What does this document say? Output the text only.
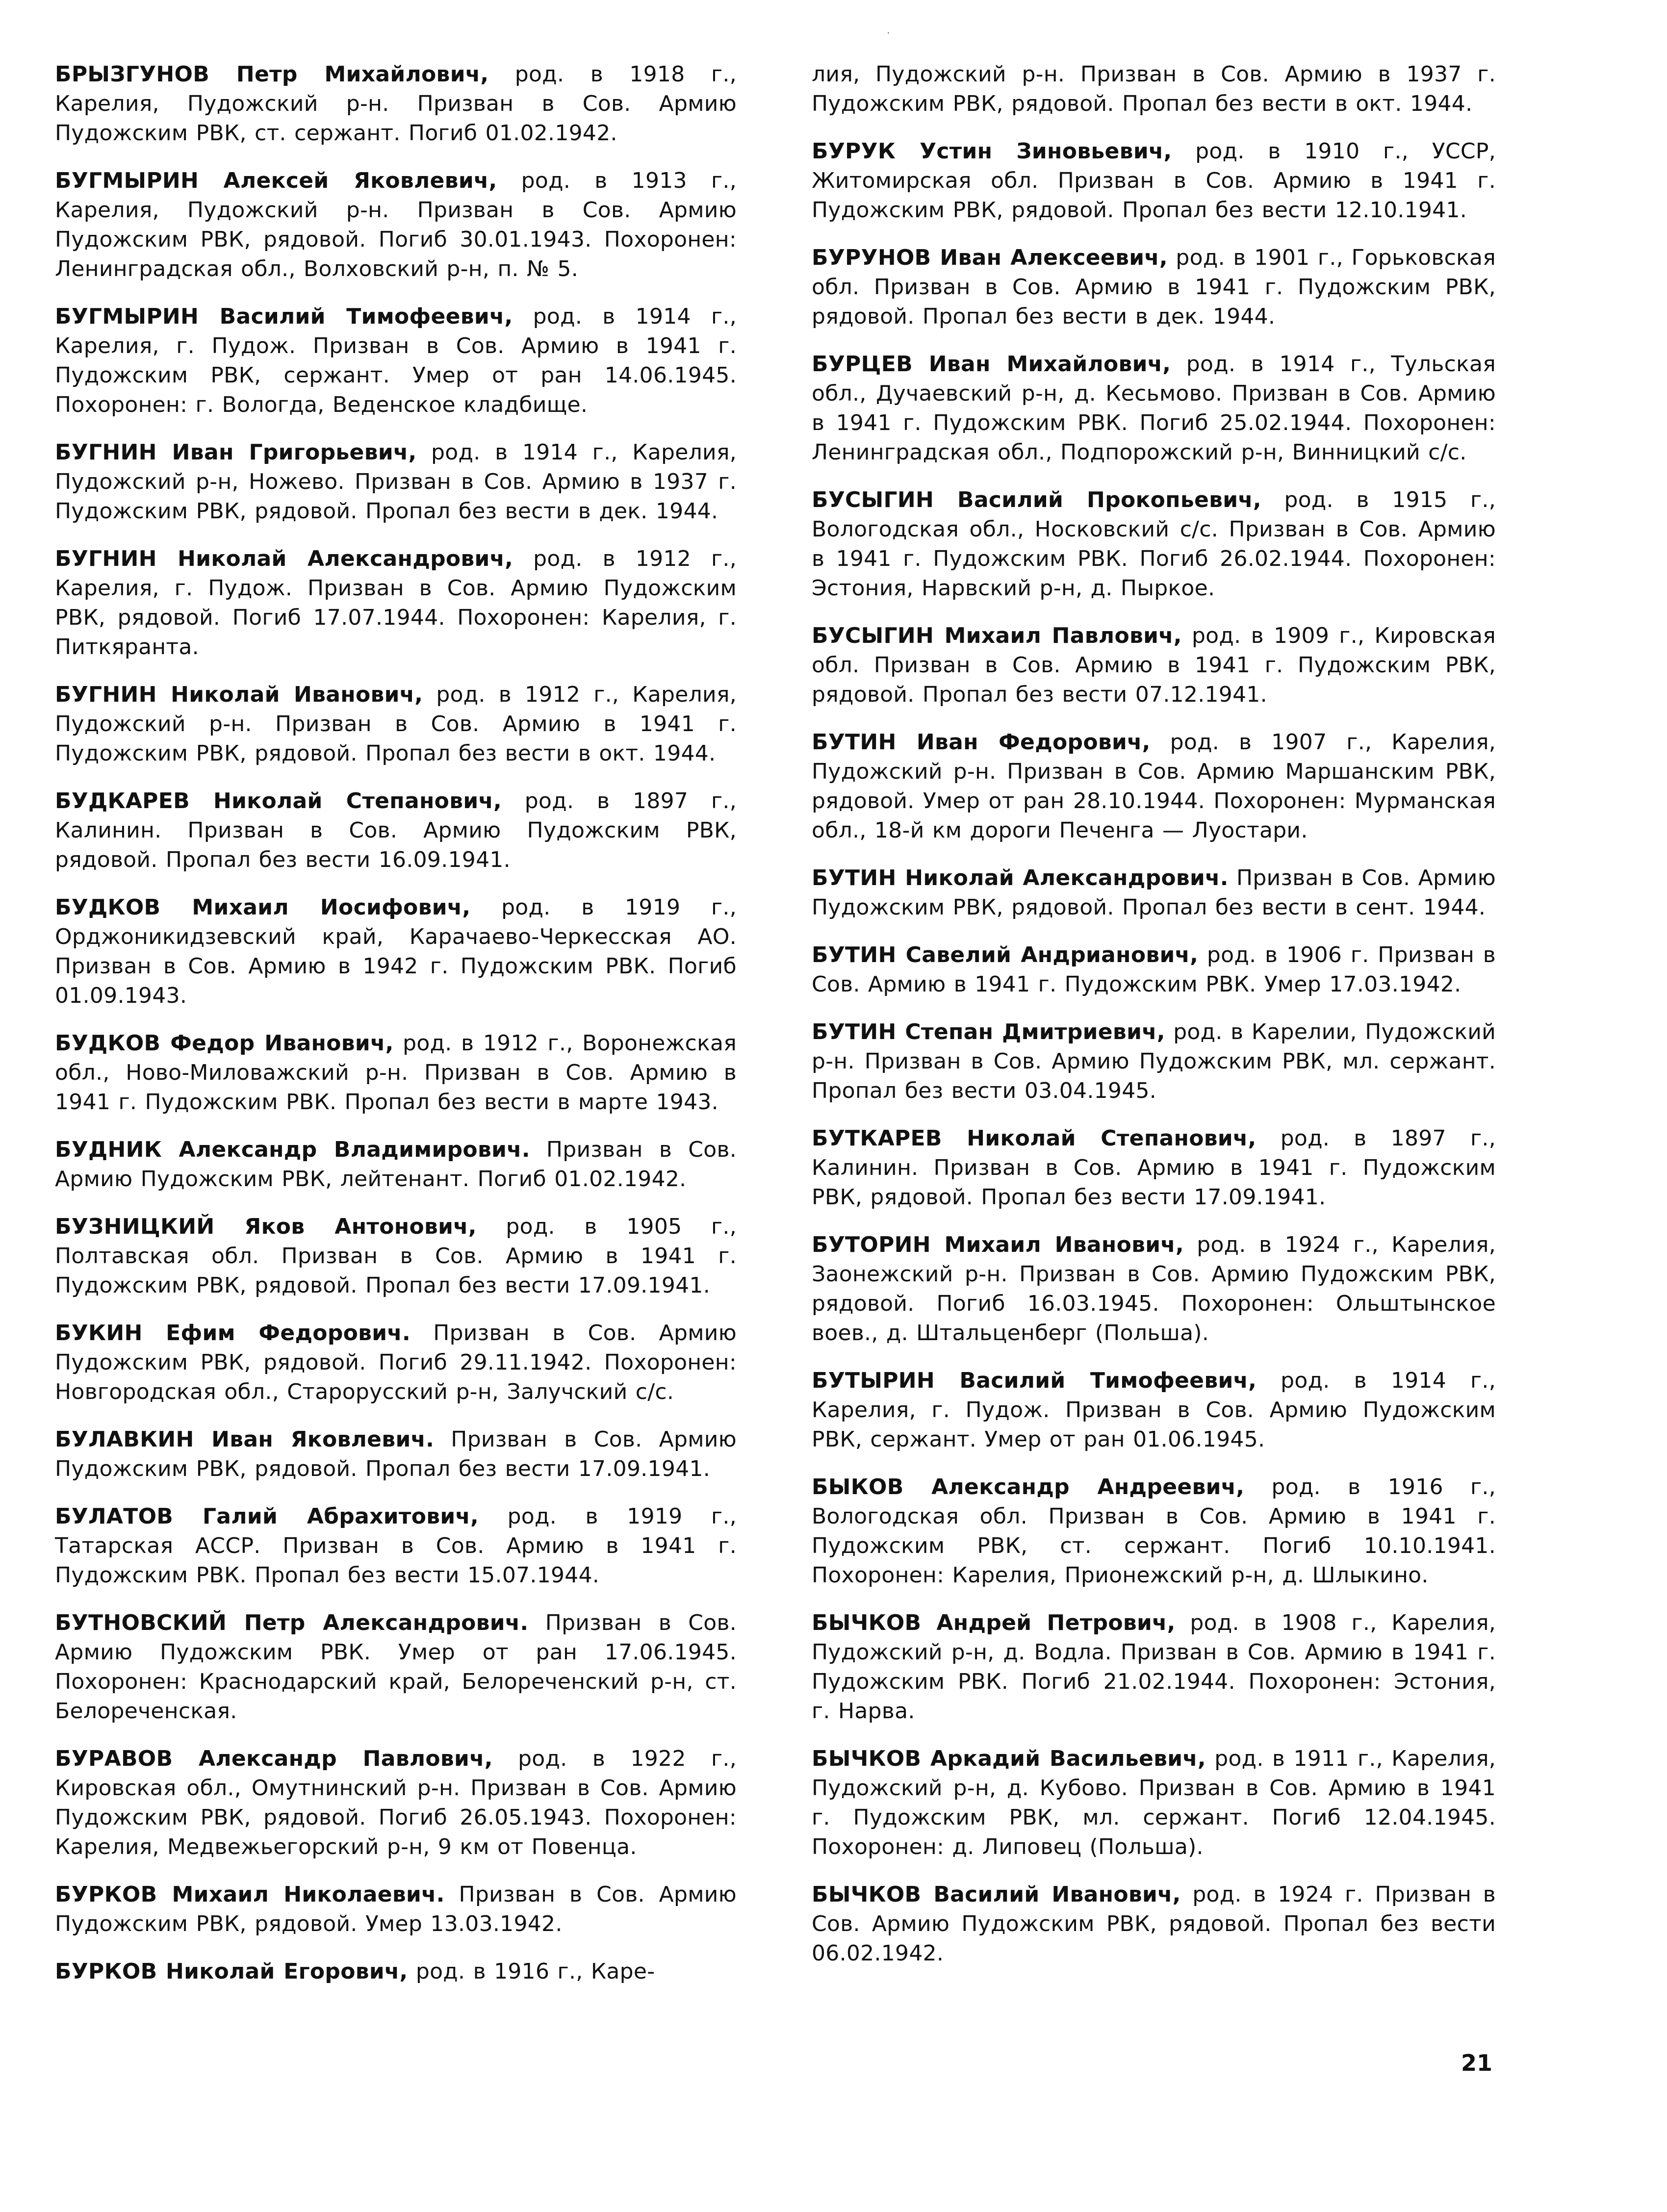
·

БРЫЗГУНОВ Петр Михайлович, род. в 1918 г., Карелия, Пудожский р-н. Призван в Сов. Армию Пудожским РВК, ст. сержант. Погиб 01.02.1942.

БУГМЫРИН Алексей Яковлевич, род. в 1913 г., Карелия, Пудожский р-н. Призван в Сов. Армию Пудожским РВК, рядовой. Погиб 30.01.1943. Похоронен: Ленинградская обл., Волховский р-н, п. № 5.

БУГМЫРИН Василий Тимофеевич, род. в 1914 г., Карелия, г. Пудож. Призван в Сов. Армию в 1941 г. Пудожским РВК, сержант. Умер от ран 14.06.1945. Похоронен: г. Вологда, Веденское кладбище.

БУГНИН Иван Григорьевич, род. в 1914 г., Карелия, Пудожский р-н, Ножево. Призван в Сов. Армию в 1937 г. Пудожским РВК, рядовой. Пропал без вести в дек. 1944.

БУГНИН Николай Александрович, род. в 1912 г., Карелия, г. Пудож. Призван в Сов. Армию Пудожским РВК, рядовой. Погиб 17.07.1944. Похоронен: Карелия, г. Питкяранта.

БУГНИН Николай Иванович, род. в 1912 г., Карелия, Пудожский р-н. Призван в Сов. Армию в 1941 г. Пудожским РВК, рядовой. Пропал без вести в окт. 1944.

БУДКАРЕВ Николай Степанович, род. в 1897 г., Калинин. Призван в Сов. Армию Пудожским РВК, рядовой. Пропал без вести 16.09.1941.

БУДКОВ Михаил Иосифович, род. в 1919 г., Орджоникидзевский край, Карачаево-Черкесская АО. Призван в Сов. Армию в 1942 г. Пудожским РВК. Погиб 01.09.1943.

БУДКОВ Федор Иванович, род. в 1912 г., Воронежская обл., Ново-Миловажский р-н. Призван в Сов. Армию в 1941 г. Пудожским РВК. Пропал без вести в марте 1943.

БУДНИК Александр Владимирович. Призван в Сов. Армию Пудожским РВК, лейтенант. Погиб 01.02.1942.

БУЗНИЦКИЙ Яков Антонович, род. в 1905 г., Полтавская обл. Призван в Сов. Армию в 1941 г. Пудожским РВК, рядовой. Пропал без вести 17.09.1941.

БУКИН Ефим Федорович. Призван в Сов. Армию Пудожским РВК, рядовой. Погиб 29.11.1942. Похоронен: Новгородская обл., Старорусский р-н, Залучский с/с.

БУЛАВКИН Иван Яковлевич. Призван в Сов. Армию Пудожским РВК, рядовой. Пропал без вести 17.09.1941.

БУЛАТОВ Галий Абрахитович, род. в 1919 г., Татарская АССР. Призван в Сов. Армию в 1941 г. Пудожским РВК. Пропал без вести 15.07.1944.

БУТНОВСКИЙ Петр Александрович. Призван в Сов. Армию Пудожским РВК. Умер от ран 17.06.1945. Похоронен: Краснодарский край, Белореченский р-н, ст. Белореченская.

БУРАВОВ Александр Павлович, род. в 1922 г., Кировская обл., Омутнинский р-н. Призван в Сов. Армию Пудожским РВК, рядовой. Погиб 26.05.1943. Похоронен: Карелия, Медвежьегорский р-н, 9 км от Повенца.

БУРКОВ Михаил Николаевич. Призван в Сов. Армию Пудожским РВК, рядовой. Умер 13.03.1942.

БУРКОВ Николай Егорович, род. в 1916 г., Каре-

лия, Пудожский р-н. Призван в Сов. Армию в 1937 г. Пудожским РВК, рядовой. Пропал без вести в окт. 1944.

БУРУК Устин Зиновьевич, род. в 1910 г., УССР, Житомирская обл. Призван в Сов. Армию в 1941 г. Пудожским РВК, рядовой. Пропал без вести 12.10.1941.

БУРУНОВ Иван Алексеевич, род. в 1901 г., Горьковская обл. Призван в Сов. Армию в 1941 г. Пудожским РВК, рядовой. Пропал без вести в дек. 1944.

БУРЦЕВ Иван Михайлович, род. в 1914 г., Тульская обл., Дучаевский р-н, д. Кесьмово. Призван в Сов. Армию в 1941 г. Пудожским РВК. Погиб 25.02.1944. Похоронен: Ленинградская обл., Подпорожский р-н, Винницкий с/с.

БУСЫГИН Василий Прокопьевич, род. в 1915 г., Вологодская обл., Носковский с/с. Призван в Сов. Армию в 1941 г. Пудожским РВК. Погиб 26.02.1944. Похоронен: Эстония, Нарвский р-н, д. Пыркое.

БУСЫГИН Михаил Павлович, род. в 1909 г., Кировская обл. Призван в Сов. Армию в 1941 г. Пудожским РВК, рядовой. Пропал без вести 07.12.1941.

БУТИН Иван Федорович, род. в 1907 г., Карелия, Пудожский р-н. Призван в Сов. Армию Маршанским РВК, рядовой. Умер от ран 28.10.1944. Похоронен: Мурманская обл., 18-й км дороги Печенга — Луостари.

БУТИН Николай Александрович. Призван в Сов. Армию Пудожским РВК, рядовой. Пропал без вести в сент. 1944.

БУТИН Савелий Андрианович, род. в 1906 г. Призван в Сов. Армию в 1941 г. Пудожским РВК. Умер 17.03.1942.

БУТИН Степан Дмитриевич, род. в Карелии, Пудожский р-н. Призван в Сов. Армию Пудожским РВК, мл. сержант. Пропал без вести 03.04.1945.

БУТКАРЕВ Николай Степанович, род. в 1897 г., Калинин. Призван в Сов. Армию в 1941 г. Пудожским РВК, рядовой. Пропал без вести 17.09.1941.

БУТОРИН Михаил Иванович, род. в 1924 г., Карелия, Заонежский р-н. Призван в Сов. Армию Пудожским РВК, рядовой. Погиб 16.03.1945. Похоронен: Ольштынское воев., д. Штальценберг (Польша).

БУТЫРИН Василий Тимофеевич, род. в 1914 г., Карелия, г. Пудож. Призван в Сов. Армию Пудожским РВК, сержант. Умер от ран 01.06.1945.

БЫКОВ Александр Андреевич, род. в 1916 г., Вологодская обл. Призван в Сов. Армию в 1941 г. Пудожским РВК, ст. сержант. Погиб 10.10.1941. Похоронен: Карелия, Прионежский р-н, д. Шлыкино.

БЫЧКОВ Андрей Петрович, род. в 1908 г., Карелия, Пудожский р-н, д. Водла. Призван в Сов. Армию в 1941 г. Пудожским РВК. Погиб 21.02.1944. Похоронен: Эстония, г. Нарва.

БЫЧКОВ Аркадий Васильевич, род. в 1911 г., Карелия, Пудожский р-н, д. Кубово. Призван в Сов. Армию в 1941 г. Пудожским РВК, мл. сержант. Погиб 12.04.1945. Похоронен: д. Липовец (Польша).

БЫЧКОВ Василий Иванович, род. в 1924 г. Призван в Сов. Армию Пудожским РВК, рядовой. Пропал без вести 06.02.1942.

21
